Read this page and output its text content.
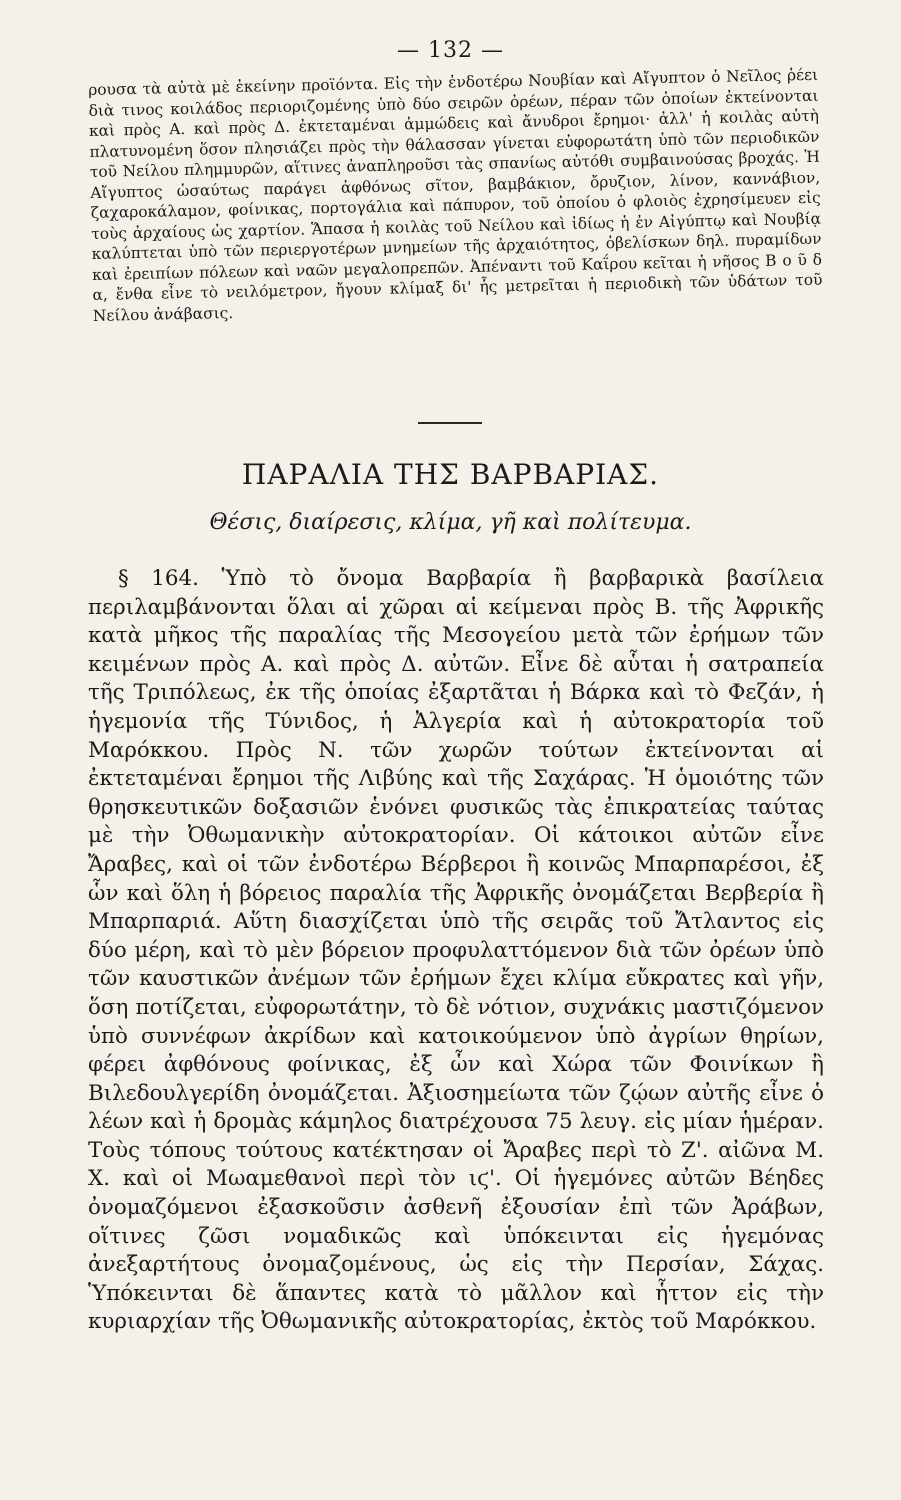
— 132 —

ρουσα τὰ αὐτὰ μὲ ἐκείνην προϊόντα. Εἰς τὴν ἐνδοτέρω Νουβίαν καὶ Αἴγυπτον ὁ Νεῖλος ῥέει διὰ τινος κοιλάδος περιοριζομένης ὑπὸ δύο σειρῶν ὀρέων, πέραν τῶν ὁποίων ἐκτείνονται καὶ πρὸς Α. καὶ πρὸς Δ. ἐκτεταμέναι ἀμμώδεις καὶ ἄνυδροι ἔρημοι· ἀλλ' ἡ κοιλὰς αὐτὴ πλατυνομένη ὅσον πλησιάζει πρὸς τὴν θάλασσαν γίνεται εὐφορωτάτη ὑπὸ τῶν περιοδικῶν τοῦ Νείλου πλημμυρῶν, αἵτινες ἀναπληροῦσι τὰς σπανίως αὐτόθι συμβαινούσας βροχάς. Ἡ Αἴγυπτος ὡσαύτως παράγει ἀφθόνως σῖτον, βαμβάκιον, ὄρυζιον, λίνον, καννάβιον, ζαχαροκάλαμον, φοίνικας, πορτογάλια καὶ πάπυρον, τοῦ ὁποίου ὁ φλοιὸς ἐχρησίμευεν εἰς τοὺς ἀρχαίους ὡς χαρτίον. Ἅπασα ἡ κοιλὰς τοῦ Νείλου καὶ ἰδίως ἡ ἐν Αἰγύπτῳ καὶ Νουβίᾳ καλύπτεται ὑπὸ τῶν περιεργοτέρων μνημείων τῆς ἀρχαιότητος, ὀβελίσκων δηλ. πυραμίδων καὶ ἐρειπίων πόλεων καὶ ναῶν μεγαλοπρεπῶν. Ἀπέναντι τοῦ Καΐρου κεῖται ἡ νῆσος Β ο ῦ δ α, ἔνθα εἶνε τὸ νειλόμετρον, ἤγουν κλίμαξ δι' ἧς μετρεῖται ἡ περιοδικὴ τῶν ὑδάτων τοῦ Νείλου ἀνάβασις.

ΠΑΡΑΛΙΑ ΤΗΣ ΒΑΡΒΑΡΙΑΣ.
Θέσις, διαίρεσις, κλίμα, γῆ καὶ πολίτευμα.

§ 164. Ὑπὸ τὸ ὄνομα Βαρβαρία ἢ βαρβαρικὰ βασίλεια περιλαμβάνονται ὅλαι αἱ χῶραι αἱ κείμεναι πρὸς Β. τῆς Ἀφρικῆς κατὰ μῆκος τῆς παραλίας τῆς Μεσογείου μετὰ τῶν ἐρήμων τῶν κειμένων πρὸς Α. καὶ πρὸς Δ. αὐτῶν. Εἶνε δὲ αὗται ἡ σατραπεία τῆς Τριπόλεως, ἐκ τῆς ὁποίας ἐξαρτᾶται ἡ Βάρκα καὶ τὸ Φεζάν, ἡ ἡγεμονία τῆς Τύνιδος, ἡ Ἀλγερία καὶ ἡ αὐτοκρατορία τοῦ Μαρόκκου. Πρὸς Ν. τῶν χωρῶν τούτων ἐκτείνονται αἱ ἐκτεταμέναι ἔρημοι τῆς Λιβύης καὶ τῆς Σαχάρας. Ἡ ὁμοιότης τῶν θρησκευτικῶν δοξασιῶν ἑνόνει φυσικῶς τὰς ἐπικρατείας ταύτας μὲ τὴν Ὀθωμανικὴν αὐτοκρατορίαν. Οἱ κάτοικοι αὐτῶν εἶνε Ἄραβες, καὶ οἱ τῶν ἐνδοτέρω Βέρβεροι ἢ κοινῶς Μπαρπαρέσοι, ἐξ ὧν καὶ ὅλη ἡ βόρειος παραλία τῆς Ἀφρικῆς ὀνομάζεται Βερβερία ἢ Μπαρπαριά. Αὕτη διασχίζεται ὑπὸ τῆς σειρᾶς τοῦ Ἄτλαντος εἰς δύο μέρη, καὶ τὸ μὲν βόρειον προφυλαττόμενον διὰ τῶν ὀρέων ὑπὸ τῶν καυστικῶν ἀνέμων τῶν ἐρήμων ἔχει κλίμα εὔκρατες καὶ γῆν, ὅση ποτίζεται, εὐφορωτάτην, τὸ δὲ νότιον, συχνάκις μαστιζόμενον ὑπὸ συννέφων ἀκρίδων καὶ κατοικούμενον ὑπὸ ἀγρίων θηρίων, φέρει ἀφθόνους φοίνικας, ἐξ ὧν καὶ Χώρα τῶν Φοινίκων ἢ Βιλεδουλγερίδη ὀνομάζεται. Ἀξιοσημείωτα τῶν ζῴων αὐτῆς εἶνε ὁ λέων καὶ ἡ δρομὰς κάμηλος διατρέχουσα 75 λευγ. εἰς μίαν ἡμέραν. Τοὺς τόπους τούτους κατέκτησαν οἱ Ἄραβες περὶ τὸ Ζ'. αἰῶνα Μ. Χ. καὶ οἱ Μωαμεθανοὶ περὶ τὸν ιϛ'. Οἱ ἡγεμόνες αὐτῶν Βέηδες ὀνομαζόμενοι ἐξασκοῦσιν ἀσθενῆ ἐξουσίαν ἐπὶ τῶν Ἀράβων, οἵτινες ζῶσι νομαδικῶς καὶ ὑπόκεινται εἰς ἡγεμόνας ἀνεξαρτήτους ὀνομαζομένους, ὡς εἰς τὴν Περσίαν, Σάχας. Ὑπόκεινται δὲ ἅπαντες κατὰ τὸ μᾶλλον καὶ ἧττον εἰς τὴν κυριαρχίαν τῆς Ὀθωμανικῆς αὐτοκρατορίας, ἐκτὸς τοῦ Μαρόκκου.
